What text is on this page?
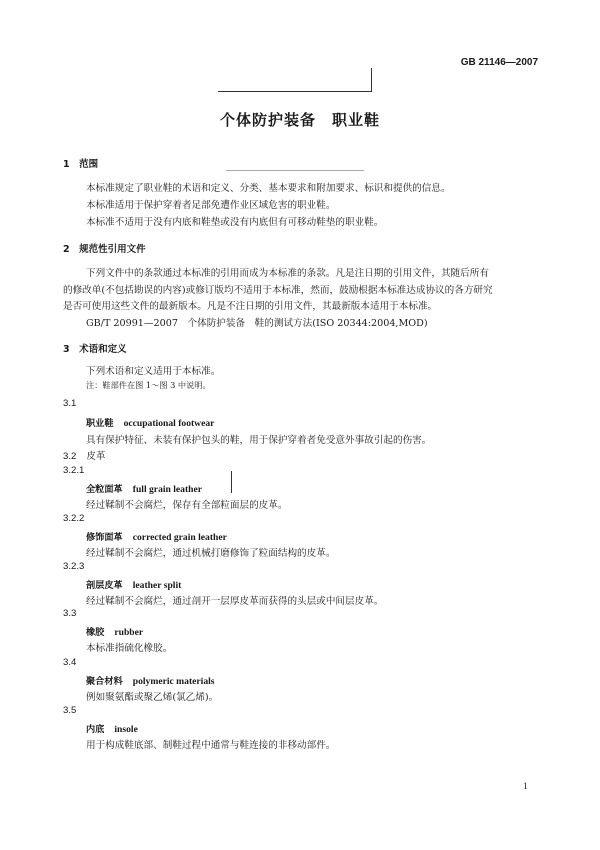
GB 21146—2007
个体防护装备　职业鞋
1　范围
本标准规定了职业鞋的术语和定义、分类、基本要求和附加要求、标识和提供的信息。
本标准适用于保护穿着者足部免遭作业区域危害的职业鞋。
本标准不适用于没有内底和鞋垫或没有内底但有可移动鞋垫的职业鞋。
2　规范性引用文件
下列文件中的条款通过本标准的引用而成为本标准的条款。凡是注日期的引用文件，其随后所有
的修改单(不包括勘误的内容)或修订版均不适用于本标准，然而，鼓励根据本标准达成协议的各方研究
是否可使用这些文件的最新版本。凡是不注日期的引用文件，其最新版本适用于本标准。
GB/T 20991—2007　个体防护装备　鞋的测试方法(ISO 20344:2004,MOD)
3　术语和定义
下列术语和定义适用于本标准。
注：鞋部件在图 1～图 3 中说明。
3.1
职业鞋 occupational footwear
具有保护特征、未装有保护包头的鞋，用于保护穿着者免受意外事故引起的伤害。
3.2 皮革
3.2.1
全粒面革 full grain leather
经过鞣制不会腐烂，保存有全部粒面层的皮革。
3.2.2
修饰面革 corrected grain leather
经过鞣制不会腐烂，通过机械打磨修饰了粒面结构的皮革。
3.2.3
剖层皮革 leather split
经过鞣制不会腐烂，通过剖开一层厚皮革而获得的头层或中间层皮革。
3.3
橡胶 rubber
本标准指硫化橡胶。
3.4
聚合材料 polymeric materials
例如聚氨酯或聚乙烯(氯乙烯)。
3.5
内底 insole
用于构成鞋底部、制鞋过程中通常与鞋连接的非移动部件。
1
